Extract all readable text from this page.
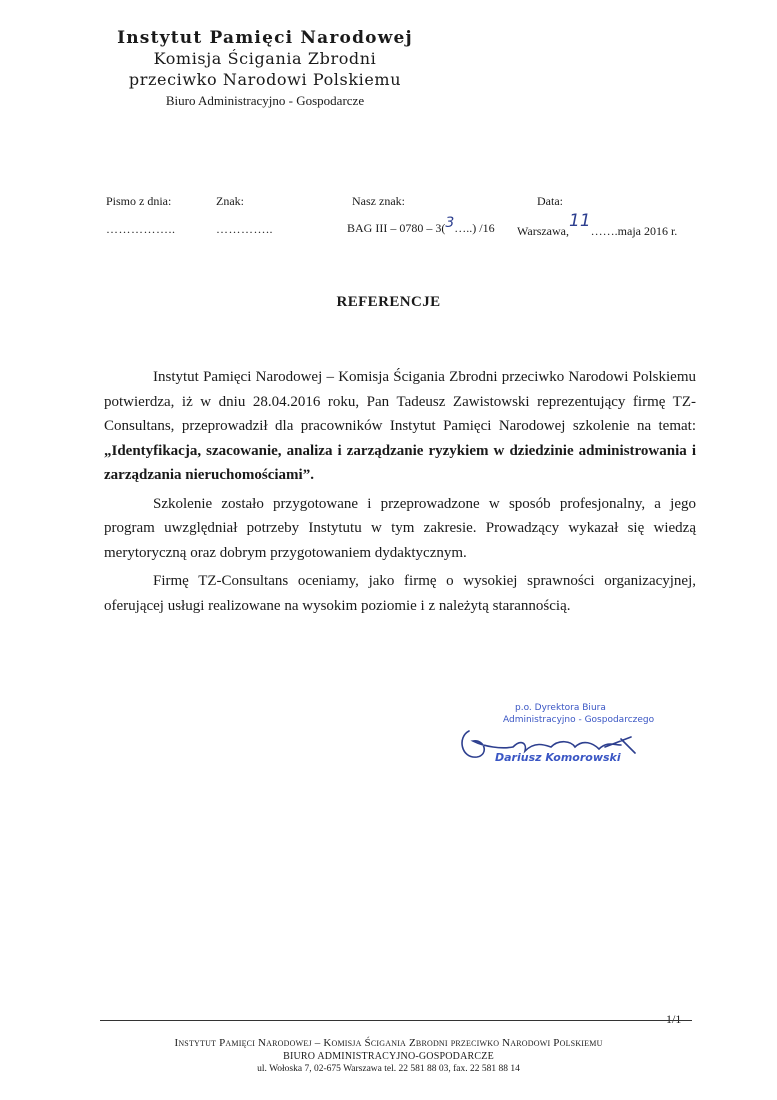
Instytut Pamięci Narodowej
Komisja Ścigania Zbrodni
przeciwko Narodowi Polskiemu
Biuro Administracyjno - Gospodarcze
Pismo z dnia:
……………..
Znak:
…………..
Nasz znak:
BAG III – 0780 – 3(3…..) /16
Data:
Warszawa,11…….maja 2016 r.
REFERENCJE

Instytut Pamięci Narodowej – Komisja Ścigania Zbrodni przeciwko Narodowi Polskiemu potwierdza, iż w dniu 28.04.2016 roku, Pan Tadeusz Zawistowski reprezentujący firmę TZ-Consultans, przeprowadził dla pracowników Instytut Pamięci Narodowej szkolenie na temat: „Identyfikacja, szacowanie, analiza i zarządzanie ryzykiem w dziedzinie administrowania i zarządzania nieruchomościami”.

Szkolenie zostało przygotowane i przeprowadzone w sposób profesjonalny, a jego program uwzględniał potrzeby Instytutu w tym zakresie. Prowadzący wykazał się wiedzą merytoryczną oraz dobrym przygotowaniem dydaktycznym.

Firmę TZ-Consultans oceniamy, jako firmę o wysokiej sprawności organizacyjnej, oferującej usługi realizowane na wysokim poziomie i z należytą starannością.

p.o. Dyrektora Biura
Administracyjno - Gospodarczego
Dariusz Komorowski
1/1
Instytut Pamięci Narodowej – Komisja Ścigania Zbrodni przeciwko Narodowi Polskiemu
BIURO ADMINISTRACYJNO-GOSPODARCZE
ul. Wołoska 7, 02-675 Warszawa tel. 22 581 88 03, fax. 22 581 88 14
